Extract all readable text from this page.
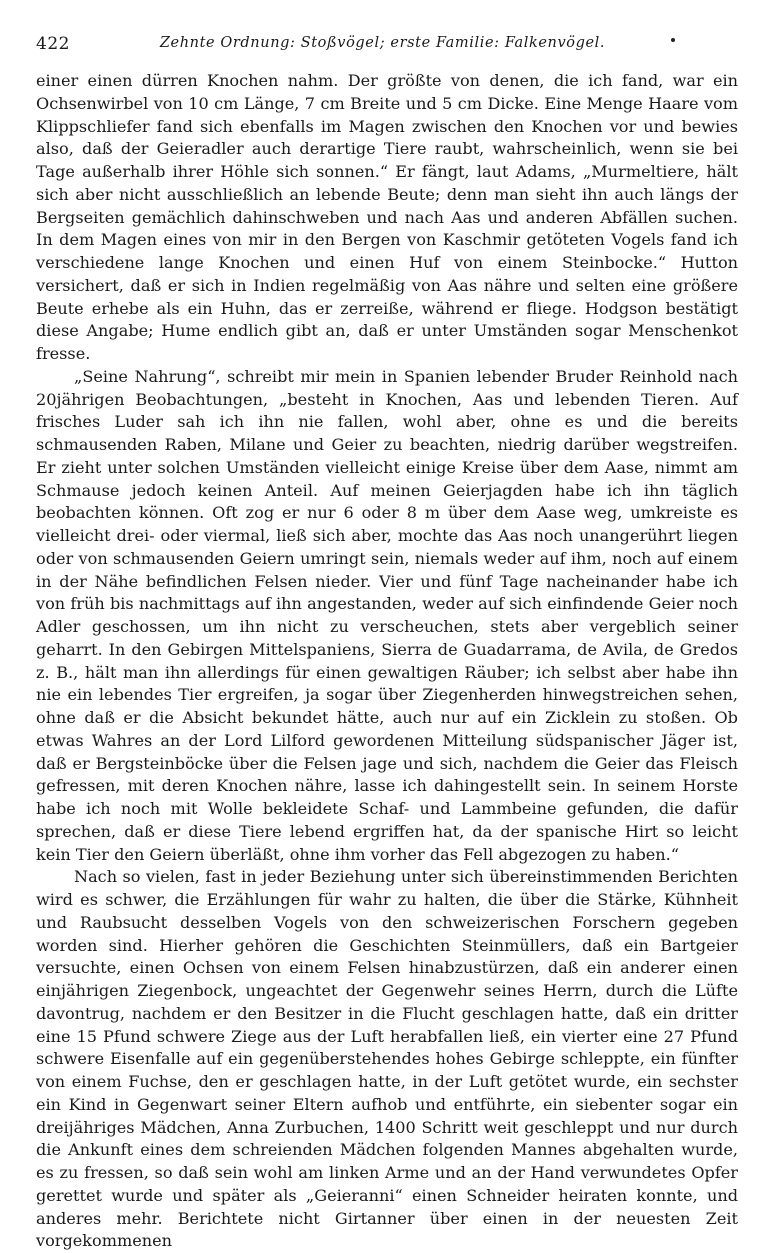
422	Zehnte Ordnung: Stoßvögel; erste Familie: Falkenvögel.

einer einen dürren Knochen nahm. Der größte von denen, die ich fand, war ein Ochsenwirbel von 10 cm Länge, 7 cm Breite und 5 cm Dicke. Eine Menge Haare vom Klippschliefer fand sich ebenfalls im Magen zwischen den Knochen vor und bewies also, daß der Geieradler auch derartige Tiere raubt, wahrscheinlich, wenn sie bei Tage außerhalb ihrer Höhle sich sonnen.“ Er fängt, laut Adams, „Murmeltiere, hält sich aber nicht ausschließlich an lebende Beute; denn man sieht ihn auch längs der Bergseiten gemächlich dahinschweben und nach Aas und anderen Abfällen suchen. In dem Magen eines von mir in den Bergen von Kaschmir getöteten Vogels fand ich verschiedene lange Knochen und einen Huf von einem Steinbocke.“ Hutton versichert, daß er sich in Indien regelmäßig von Aas nähre und selten eine größere Beute erhebe als ein Huhn, das er zerreiße, während er fliege. Hodgson bestätigt diese Angabe; Hume endlich gibt an, daß er unter Umständen sogar Menschenkot fresse.

„Seine Nahrung“, schreibt mir mein in Spanien lebender Bruder Reinhold nach 20jährigen Beobachtungen, „besteht in Knochen, Aas und lebenden Tieren. Auf frisches Luder sah ich ihn nie fallen, wohl aber, ohne es und die bereits schmausenden Raben, Milane und Geier zu beachten, niedrig darüber wegstreifen. Er zieht unter solchen Umständen vielleicht einige Kreise über dem Aase, nimmt am Schmause jedoch keinen Anteil. Auf meinen Geierjagden habe ich ihn täglich beobachten können. Oft zog er nur 6 oder 8 m über dem Aase weg, umkreiste es vielleicht drei- oder viermal, ließ sich aber, mochte das Aas noch unangerührt liegen oder von schmausenden Geiern umringt sein, niemals weder auf ihm, noch auf einem in der Nähe befindlichen Felsen nieder. Vier und fünf Tage nacheinander habe ich von früh bis nachmittags auf ihn angestanden, weder auf sich einfindende Geier noch Adler geschossen, um ihn nicht zu verscheuchen, stets aber vergeblich seiner geharrt. In den Gebirgen Mittelspaniens, Sierra de Guadarrama, de Avila, de Gredos z. B., hält man ihn allerdings für einen gewaltigen Räuber; ich selbst aber habe ihn nie ein lebendes Tier ergreifen, ja sogar über Ziegenherden hinwegstreichen sehen, ohne daß er die Absicht bekundet hätte, auch nur auf ein Zicklein zu stoßen. Ob etwas Wahres an der Lord Lilford gewordenen Mitteilung südspanischer Jäger ist, daß er Bergsteinböcke über die Felsen jage und sich, nachdem die Geier das Fleisch gefressen, mit deren Knochen nähre, lasse ich dahingestellt sein. In seinem Horste habe ich noch mit Wolle bekleidete Schaf- und Lammbeine gefunden, die dafür sprechen, daß er diese Tiere lebend ergriffen hat, da der spanische Hirt so leicht kein Tier den Geiern überläßt, ohne ihm vorher das Fell abgezogen zu haben.“

Nach so vielen, fast in jeder Beziehung unter sich übereinstimmenden Berichten wird es schwer, die Erzählungen für wahr zu halten, die über die Stärke, Kühnheit und Raubsucht desselben Vogels von den schweizerischen Forschern gegeben worden sind. Hierher gehören die Geschichten Steinmüllers, daß ein Bartgeier versuchte, einen Ochsen von einem Felsen hinabzustürzen, daß ein anderer einen einjährigen Ziegenbock, ungeachtet der Gegenwehr seines Herrn, durch die Lüfte davontrug, nachdem er den Besitzer in die Flucht geschlagen hatte, daß ein dritter eine 15 Pfund schwere Ziege aus der Luft herabfallen ließ, ein vierter eine 27 Pfund schwere Eisenfalle auf ein gegenüberstehendes hohes Gebirge schleppte, ein fünfter von einem Fuchse, den er geschlagen hatte, in der Luft getötet wurde, ein sechster ein Kind in Gegenwart seiner Eltern aufhob und entführte, ein siebenter sogar ein dreijähriges Mädchen, Anna Zurbuchen, 1400 Schritt weit geschleppt und nur durch die Ankunft eines dem schreienden Mädchen folgenden Mannes abgehalten wurde, es zu fressen, so daß sein wohl am linken Arme und an der Hand verwundetes Opfer gerettet wurde und später als „Geieranni“ einen Schneider heiraten konnte, und anderes mehr. Berichtete nicht Girtanner über einen in der neuesten Zeit vorgekommenen
